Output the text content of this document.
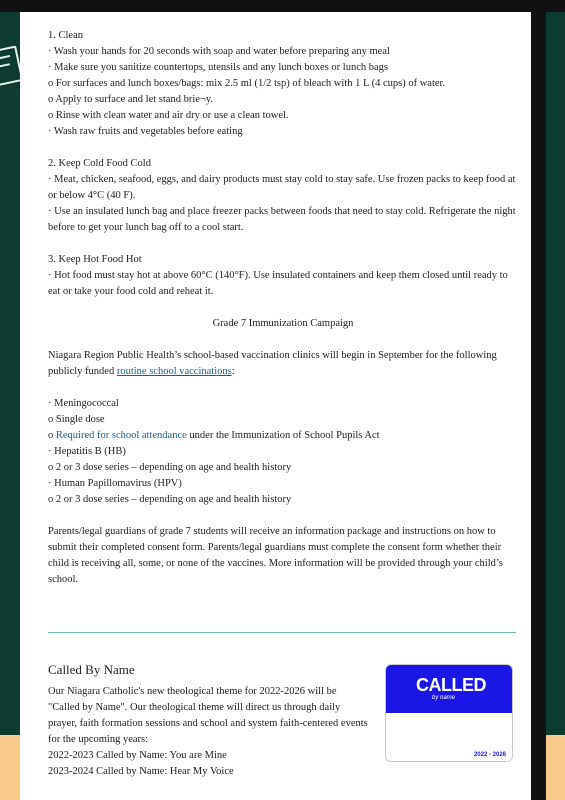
1. Clean

· Wash your hands for 20 seconds with soap and water before preparing any meal

· Make sure you sanitize countertops, utensils and any lunch boxes or lunch bags

o For surfaces and lunch boxes/bags: mix 2.5 ml (1/2 tsp) of bleach with 1 L (4 cups) of water.

o Apply to surface and let stand brie¬y.

o Rinse with clean water and air dry or use a clean towel.

· Wash raw fruits and vegetables before eating

2. Keep Cold Food Cold

· Meat, chicken, seafood, eggs, and dairy products must stay cold to stay safe. Use frozen packs to keep food at or below 4°C (40 F).

· Use an insulated lunch bag and place freezer packs between foods that need to stay cold. Refrigerate the night before to get your lunch bag off to a cool start.

3. Keep Hot Food Hot

· Hot food must stay hot at above 60°C (140°F). Use insulated containers and keep them closed until ready to eat or take your food cold and reheat it.

Grade 7 Immunization Campaign

Niagara Region Public Health’s school-based vaccination clinics will begin in September for the following publicly funded routine school vaccinations:

· Meningococcal

o Single dose

o Required for school attendance under the Immunization of School Pupils Act

· Hepatitis B (HB)

o 2 or 3 dose series – depending on age and health history

· Human Papillomavirus (HPV)

o 2 or 3 dose series – depending on age and health history

Parents/legal guardians of grade 7 students will receive an information package and instructions on how to submit their completed consent form. Parents/legal guardians must complete the consent form whether their child is receiving all, some, or none of the vaccines. More information will be provided through your child’s school.

Called By Name

Our Niagara Catholic's new theological theme for 2022-2026 will be "Called by Name". Our theological theme will direct us through daily prayer, faith formation sessions and school and system faith-centered events for the upcoming years:

2022-2023 Called by Name: You are Mine

2023-2024 Called by Name: Hear My Voice

CALLED
by name
2022 - 2026
